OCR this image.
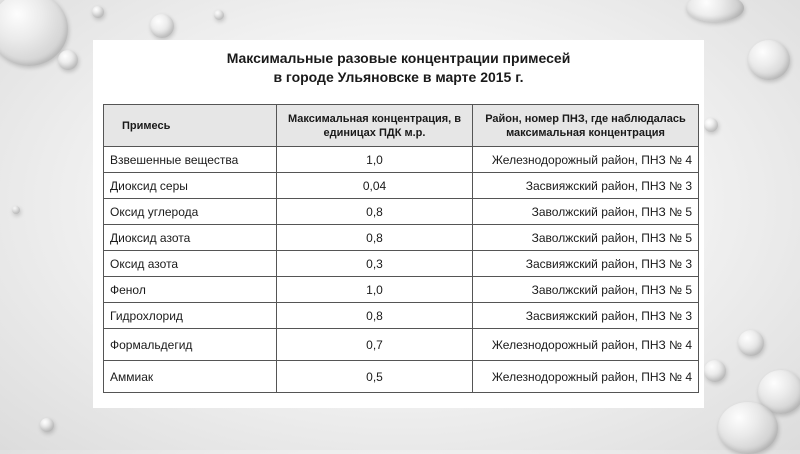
Максимальные разовые концентрации примесей
в городе Ульяновске в марте 2015 г.
Примесь	Максимальная концентрация, в единицах ПДК м.р.	Район, номер ПНЗ, где наблюдалась максимальная концентрация
Взвешенные вещества	1,0	Железнодорожный район, ПНЗ № 4
Диоксид серы	0,04	Засвияжский район, ПНЗ № 3
Оксид углерода	0,8	Заволжский район, ПНЗ № 5
Диоксид азота	0,8	Заволжский район, ПНЗ № 5
Оксид азота	0,3	Засвияжский район, ПНЗ № 3
Фенол	1,0	Заволжский район, ПНЗ № 5
Гидрохлорид	0,8	Засвияжский район, ПНЗ № 3
Формальдегид	0,7	Железнодорожный район, ПНЗ № 4
Аммиак	0,5	Железнодорожный район, ПНЗ № 4
